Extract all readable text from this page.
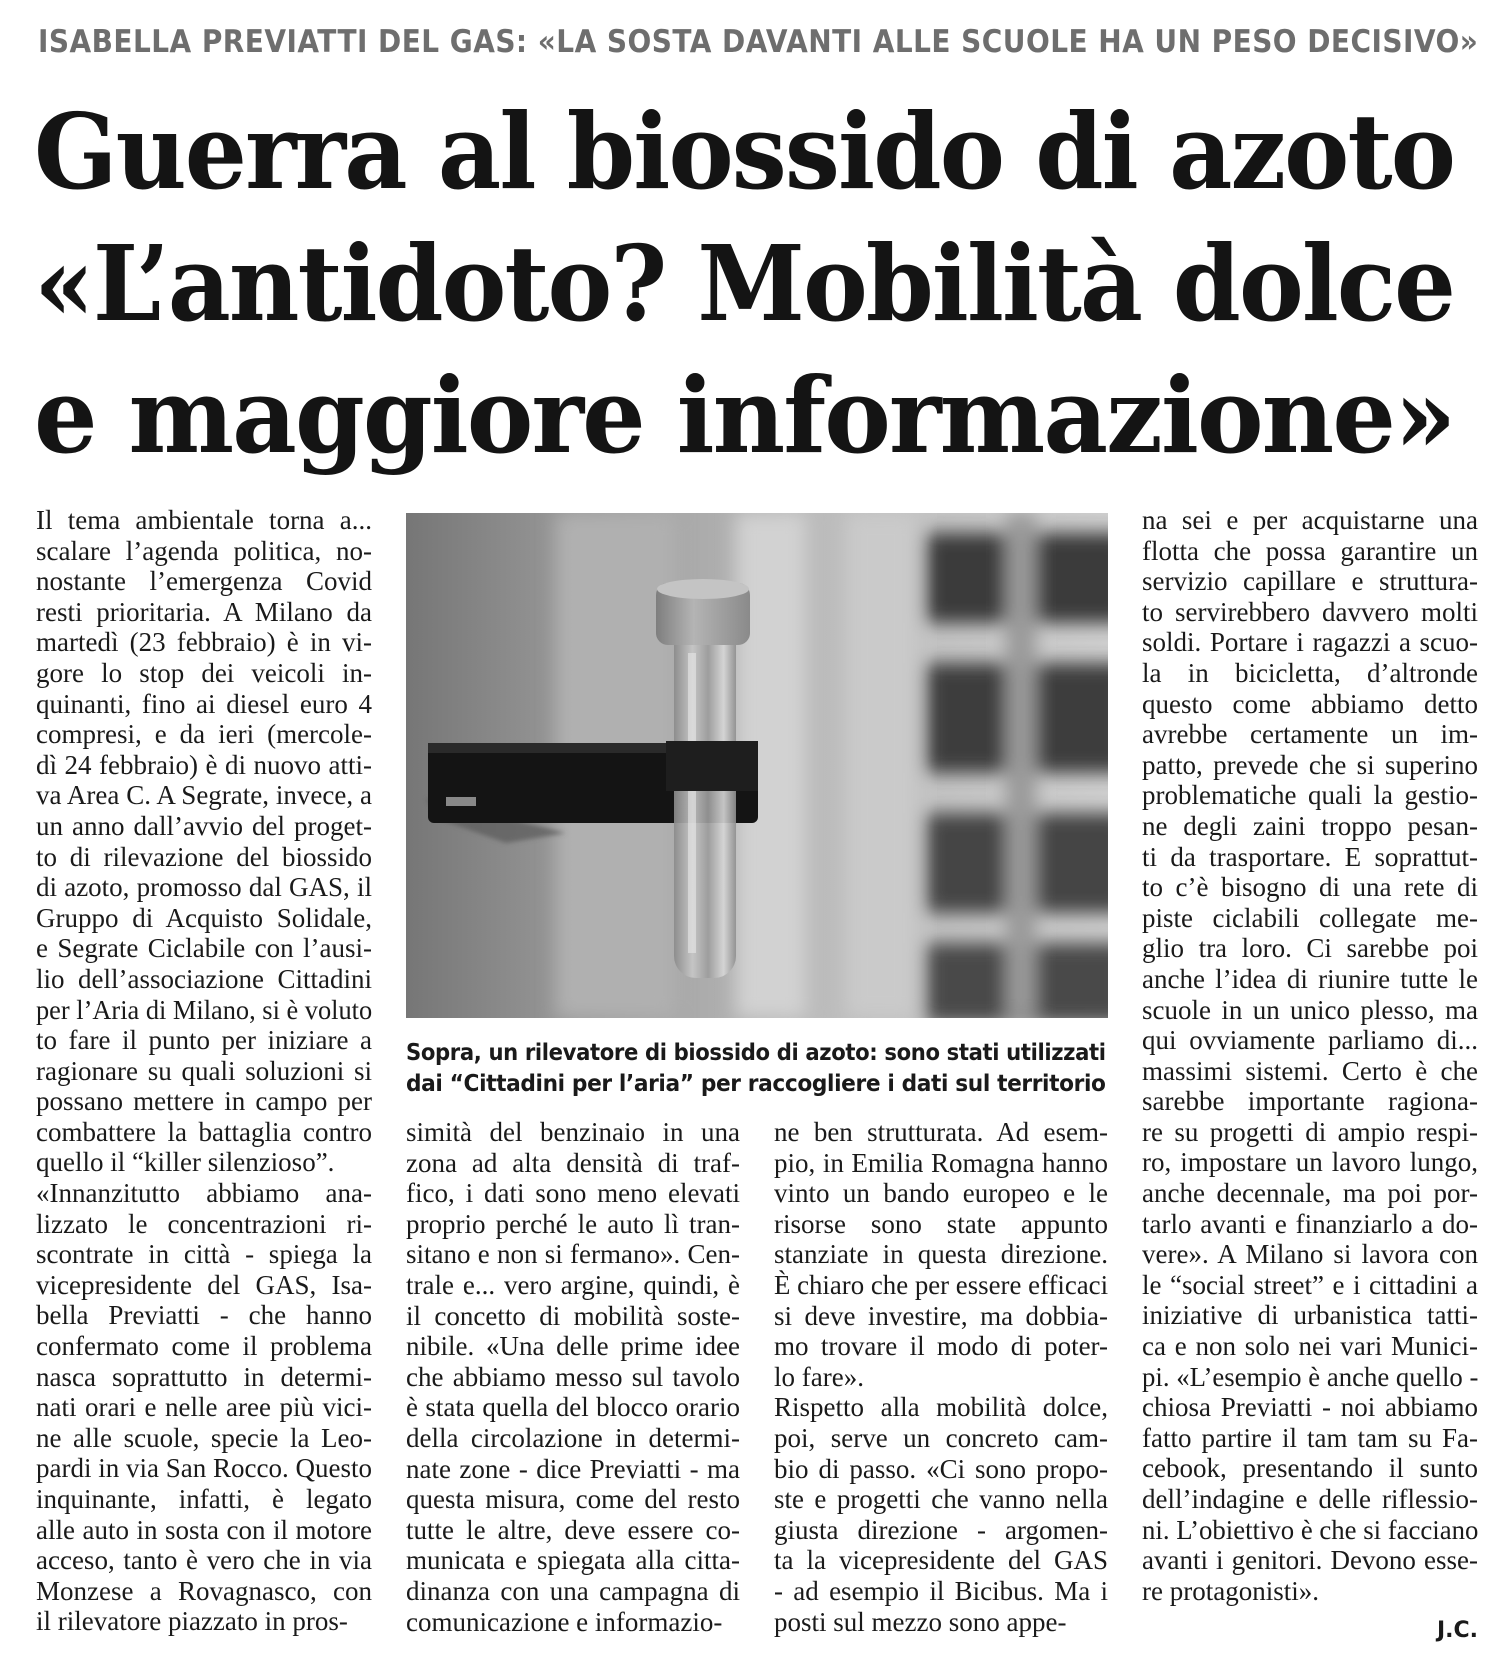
ISABELLA PREVIATTI DEL GAS: «LA SOSTA DAVANTI ALLE SCUOLE HA UN PESO DECISIVO»
Guerra al biossido di azoto
«L’antidoto? Mobilità dolce
e maggiore informazione»
Il tema ambientale torna a...
scalare l’agenda politica, no-
nostante l’emergenza Covid
resti prioritaria. A Milano da
martedì (23 febbraio) è in vi-
gore lo stop dei veicoli in-
quinanti, fino ai diesel euro 4
compresi, e da ieri (mercole-
dì 24 febbraio) è di nuovo atti-
va Area C. A Segrate, invece, a
un anno dall’avvio del proget-
to di rilevazione del biossido
di azoto, promosso dal GAS, il
Gruppo di Acquisto Solidale,
e Segrate Ciclabile con l’ausi-
lio dell’associazione Cittadini
per l’Aria di Milano, si è voluto
to fare il punto per iniziare a
ragionare su quali soluzioni si
possano mettere in campo per
combattere la battaglia contro
quello il “killer silenzioso”.
«Innanzitutto abbiamo ana-
lizzato le concentrazioni ri-
scontrate in città - spiega la
vicepresidente del GAS, Isa-
bella Previatti - che hanno
confermato come il problema
nasca soprattutto in determi-
nati orari e nelle aree più vici-
ne alle scuole, specie la Leo-
pardi in via San Rocco. Questo
inquinante, infatti, è legato
alle auto in sosta con il motore
acceso, tanto è vero che in via
Monzese a Rovagnasco, con
il rilevatore piazzato in pros-
Sopra, un rilevatore di biossido di azoto: sono stati utilizzati
dai “Cittadini per l’aria” per raccogliere i dati sul territorio
simità del benzinaio in una
zona ad alta densità di traf-
fico, i dati sono meno elevati
proprio perché le auto lì tran-
sitano e non si fermano». Cen-
trale e... vero argine, quindi, è
il concetto di mobilità soste-
nibile. «Una delle prime idee
che abbiamo messo sul tavolo
è stata quella del blocco orario
della circolazione in determi-
nate zone - dice Previatti - ma
questa misura, come del resto
tutte le altre, deve essere co-
municata e spiegata alla citta-
dinanza con una campagna di
comunicazione e informazio-
ne ben strutturata. Ad esem-
pio, in Emilia Romagna hanno
vinto un bando europeo e le
risorse sono state appunto
stanziate in questa direzione.
È chiaro che per essere efficaci
si deve investire, ma dobbia-
mo trovare il modo di poter-
lo fare».
Rispetto alla mobilità dolce,
poi, serve un concreto cam-
bio di passo. «Ci sono propo-
ste e progetti che vanno nella
giusta direzione - argomen-
ta la vicepresidente del GAS
- ad esempio il Bicibus. Ma i
posti sul mezzo sono appe-
na sei e per acquistarne una
flotta che possa garantire un
servizio capillare e struttura-
to servirebbero davvero molti
soldi. Portare i ragazzi a scuo-
la in bicicletta, d’altronde
questo come abbiamo detto
avrebbe certamente un im-
patto, prevede che si superino
problematiche quali la gestio-
ne degli zaini troppo pesan-
ti da trasportare. E soprattut-
to c’è bisogno di una rete di
piste ciclabili collegate me-
glio tra loro. Ci sarebbe poi
anche l’idea di riunire tutte le
scuole in un unico plesso, ma
qui ovviamente parliamo di...
massimi sistemi. Certo è che
sarebbe importante ragiona-
re su progetti di ampio respi-
ro, impostare un lavoro lungo,
anche decennale, ma poi por-
tarlo avanti e finanziarlo a do-
vere». A Milano si lavora con
le “social street” e i cittadini a
iniziative di urbanistica tatti-
ca e non solo nei vari Munici-
pi. «L’esempio è anche quello -
chiosa Previatti - noi abbiamo
fatto partire il tam tam su Fa-
cebook, presentando il sunto
dell’indagine e delle riflessio-
ni. L’obiettivo è che si facciano
avanti i genitori. Devono esse-
re protagonisti».
J.C.
